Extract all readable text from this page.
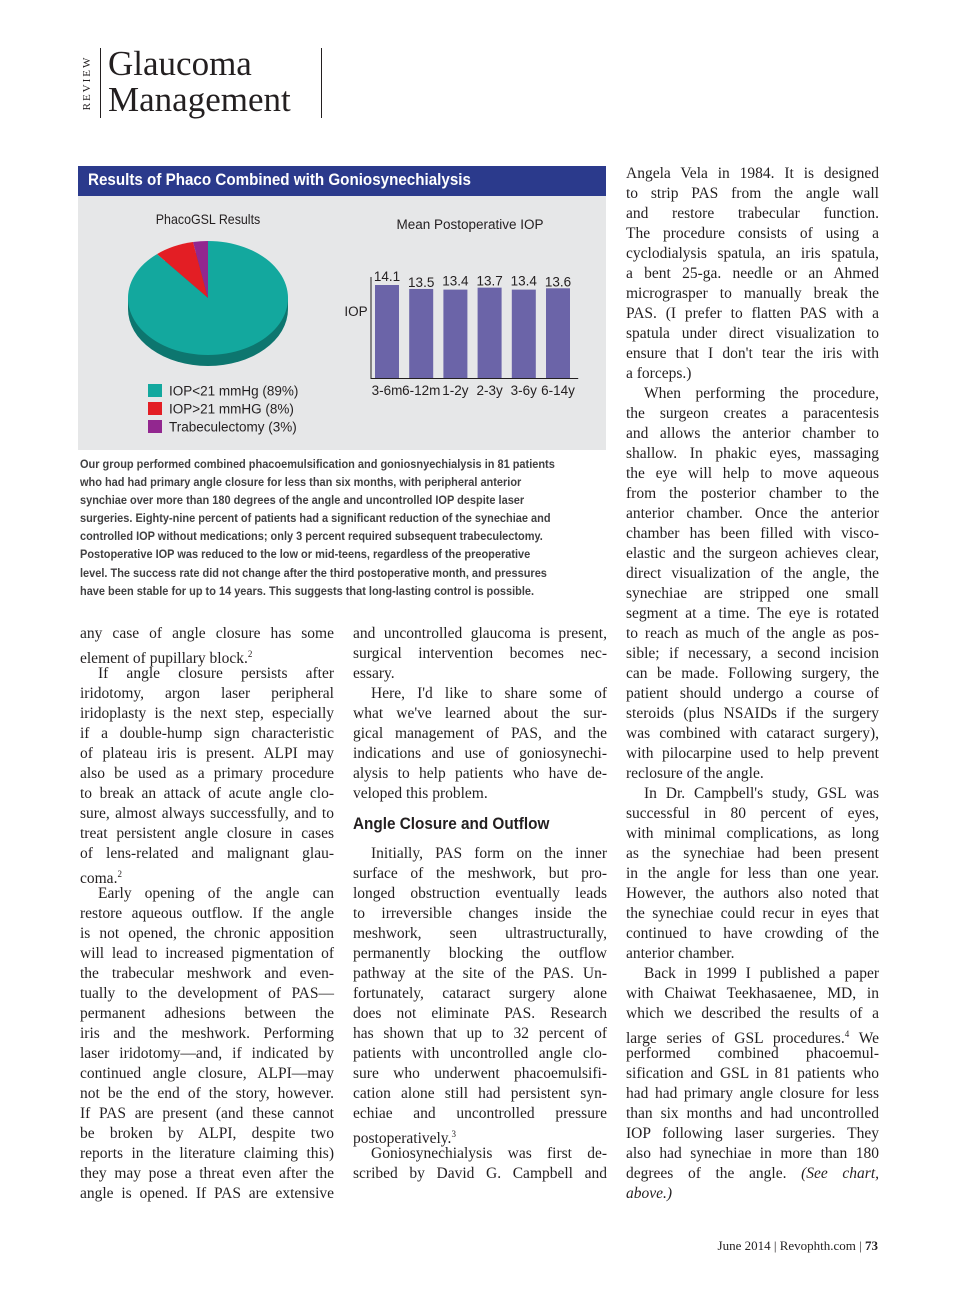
REVIEW Glaucoma
Management
Results of Phaco Combined with Goniosynechialysis
PhacoGSL Results
IOP<21 mmHg (89%)
IOP>21 mmHG (8%)
Trabeculectomy (3%)
Mean Postoperative IOP
IOP
14.1
3-6m
13.5
6-12m
13.4
1-2y
13.7
2-3y
13.4
3-6y
13.6
6-14y
Our group performed combined phacoemulsification and goniosnyechialysis in 81 patients
who had had primary angle closure for less than six months, with peripheral anterior
synchiae over more than 180 degrees of the angle and uncontrolled IOP despite laser
surgeries. Eighty-nine percent of patients had a significant reduction of the synechiae and
controlled IOP without medications; only 3 percent required subsequent trabeculectomy.
Postoperative IOP was reduced to the low or mid-teens, regardless of the preoperative
level. The success rate did not change after the third postoperative month, and pressures
have been stable for up to 14 years. This suggests that long-lasting control is possible.
any case of angle closure has some
element of pupillary block.$^2$
If angle closure persists after
iridotomy, argon laser peripheral
iridoplasty is the next step, especially
if a double-hump sign characteristic
of plateau iris is present. ALPI may
also be used as a primary procedure
to break an attack of acute angle clo-
sure, almost always successfully, and to
treat persistent angle closure in cases
of lens-related and malignant glau-
coma.$^2$
Early opening of the angle can
restore aqueous outflow. If the angle
is not opened, the chronic apposition
will lead to increased pigmentation of
the trabecular meshwork and even-
tually to the development of PAS—
permanent adhesions between the
iris and the meshwork. Performing
laser iridotomy—and, if indicated by
continued angle closure, ALPI—may
not be the end of the story, however.
If PAS are present (and these cannot
be broken by ALPI, despite two
reports in the literature claiming this)
they may pose a threat even after the
angle is opened. If PAS are extensive
and uncontrolled glaucoma is present,
surgical intervention becomes nec-
essary.
Here, I'd like to share some of
what we've learned about the sur-
gical management of PAS, and the
indications and use of goniosynechi-
alysis to help patients who have de-
veloped this problem.
Angle Closure and Outflow
Initially, PAS form on the inner
surface of the meshwork, but pro-
longed obstruction eventually leads
to irreversible changes inside the
meshwork, seen ultrastructurally,
permanently blocking the outflow
pathway at the site of the PAS. Un-
fortunately, cataract surgery alone
does not eliminate PAS. Research
has shown that up to 32 percent of
patients with uncontrolled angle clo-
sure who underwent phacoemulsifi-
cation alone still had persistent syn-
echiae and uncontrolled pressure
postoperatively.$^3$
Goniosynechialysis was first de-
scribed by David G. Campbell and
Angela Vela in 1984. It is designed
to strip PAS from the angle wall
and restore trabecular function.
The procedure consists of using a
cyclodialysis spatula, an iris spatula,
a bent 25-ga. needle or an Ahmed
micrograsper to manually break the
PAS. (I prefer to flatten PAS with a
spatula under direct visualization to
ensure that I don't tear the iris with
a forceps.)
When performing the procedure,
the surgeon creates a paracentesis
and allows the anterior chamber to
shallow. In phakic eyes, massaging
the eye will help to move aqueous
from the posterior chamber to the
anterior chamber. Once the anterior
chamber has been filled with visco-
elastic and the surgeon achieves clear,
direct visualization of the angle, the
synechiae are stripped one small
segment at a time. The eye is rotated
to reach as much of the angle as pos-
sible; if necessary, a second incision
can be made. Following surgery, the
patient should undergo a course of
steroids (plus NSAIDs if the surgery
was combined with cataract surgery),
with pilocarpine used to help prevent
reclosure of the angle.
In Dr. Campbell's study, GSL was
successful in 80 percent of eyes,
with minimal complications, as long
as the synechiae had been present
in the angle for less than one year.
However, the authors also noted that
the synechiae could recur in eyes that
continued to have crowding of the
anterior chamber.
Back in 1999 I published a paper
with Chaiwat Teekhasaenee, MD, in
which we described the results of a
large series of GSL procedures.$^4$ We
performed combined phacoemul-
sification and GSL in 81 patients who
had had primary angle closure for less
than six months and had uncontrolled
IOP following laser surgeries. They
also had synechiae in more than 180
degrees of the angle. (See chart,
above.)
June 2014 | Revophth.com | 73
